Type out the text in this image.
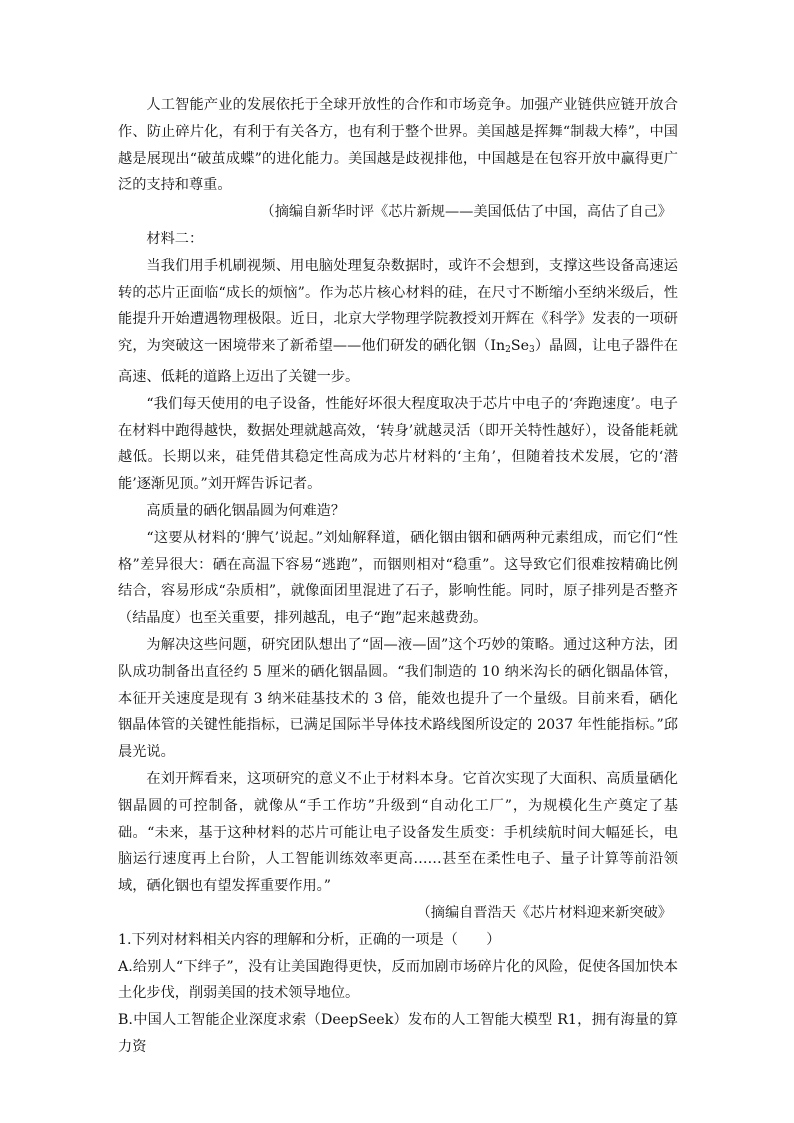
人工智能产业的发展依托于全球开放性的合作和市场竞争。加强产业链供应链开放合作、防止碎片化，有利于有关各方，也有利于整个世界。美国越是挥舞“制裁大棒”，中国越是展现出“破茧成蝶”的进化能力。美国越是歧视排他，中国越是在包容开放中赢得更广泛的支持和尊重。

（摘编自新华时评《芯片新规——美国低估了中国，高估了自己》

材料二：

当我们用手机刷视频、用电脑处理复杂数据时，或许不会想到，支撑这些设备高速运转的芯片正面临“成长的烦恼”。作为芯片核心材料的硅，在尺寸不断缩小至纳米级后，性能提升开始遭遇物理极限。近日，北京大学物理学院教授刘开辉在《科学》发表的一项研究，为突破这一困境带来了新希望——他们研发的硒化铟$(In_2Se_3)$晶圆，让电子器件在高速、低耗的道路上迈出了关键一步。

“我们每天使用的电子设备，性能好坏很大程度取决于芯片中电子的‘奔跑速度’。电子在材料中跑得越快，数据处理就越高效，‘转身’就越灵活（即开关特性越好），设备能耗就越低。长期以来，硅凭借其稳定性高成为芯片材料的‘主角’，但随着技术发展，它的‘潜能’逐渐见顶。”刘开辉告诉记者。

高质量的硒化铟晶圆为何难造？

“这要从材料的‘脾气’说起。”刘灿解释道，硒化铟由铟和硒两种元素组成，而它们“性格”差异很大：硒在高温下容易“逃跑”，而铟则相对“稳重”。这导致它们很难按精确比例结合，容易形成“杂质相”，就像面团里混进了石子，影响性能。同时，原子排列是否整齐（结晶度）也至关重要，排列越乱，电子“跑”起来越费劲。

为解决这些问题，研究团队想出了“固—液—固”这个巧妙的策略。通过这种方法，团队成功制备出直径约 5 厘米的硒化铟晶圆。“我们制造的 10 纳米沟长的硒化铟晶体管，本征开关速度是现有 3 纳米硅基技术的 3 倍，能效也提升了一个量级。目前来看，硒化铟晶体管的关键性能指标，已满足国际半导体技术路线图所设定的 2037 年性能指标。”邱晨光说。

在刘开辉看来，这项研究的意义不止于材料本身。它首次实现了大面积、高质量硒化铟晶圆的可控制备，就像从“手工作坊”升级到“自动化工厂”，为规模化生产奠定了基础。“未来，基于这种材料的芯片可能让电子设备发生质变：手机续航时间大幅延长，电脑运行速度再上台阶，人工智能训练效率更高……甚至在柔性电子、量子计算等前沿领域，硒化铟也有望发挥重要作用。”

（摘编自晋浩天《芯片材料迎来新突破》

1.下列对材料相关内容的理解和分析，正确的一项是（　　）

A.给别人“下绊子”，没有让美国跑得更快，反而加剧市场碎片化的风险，促使各国加快本土化步伐，削弱美国的技术领导地位。

B.中国人工智能企业深度求索（DeepSeek）发布的人工智能大模型 R1，拥有海量的算力资
